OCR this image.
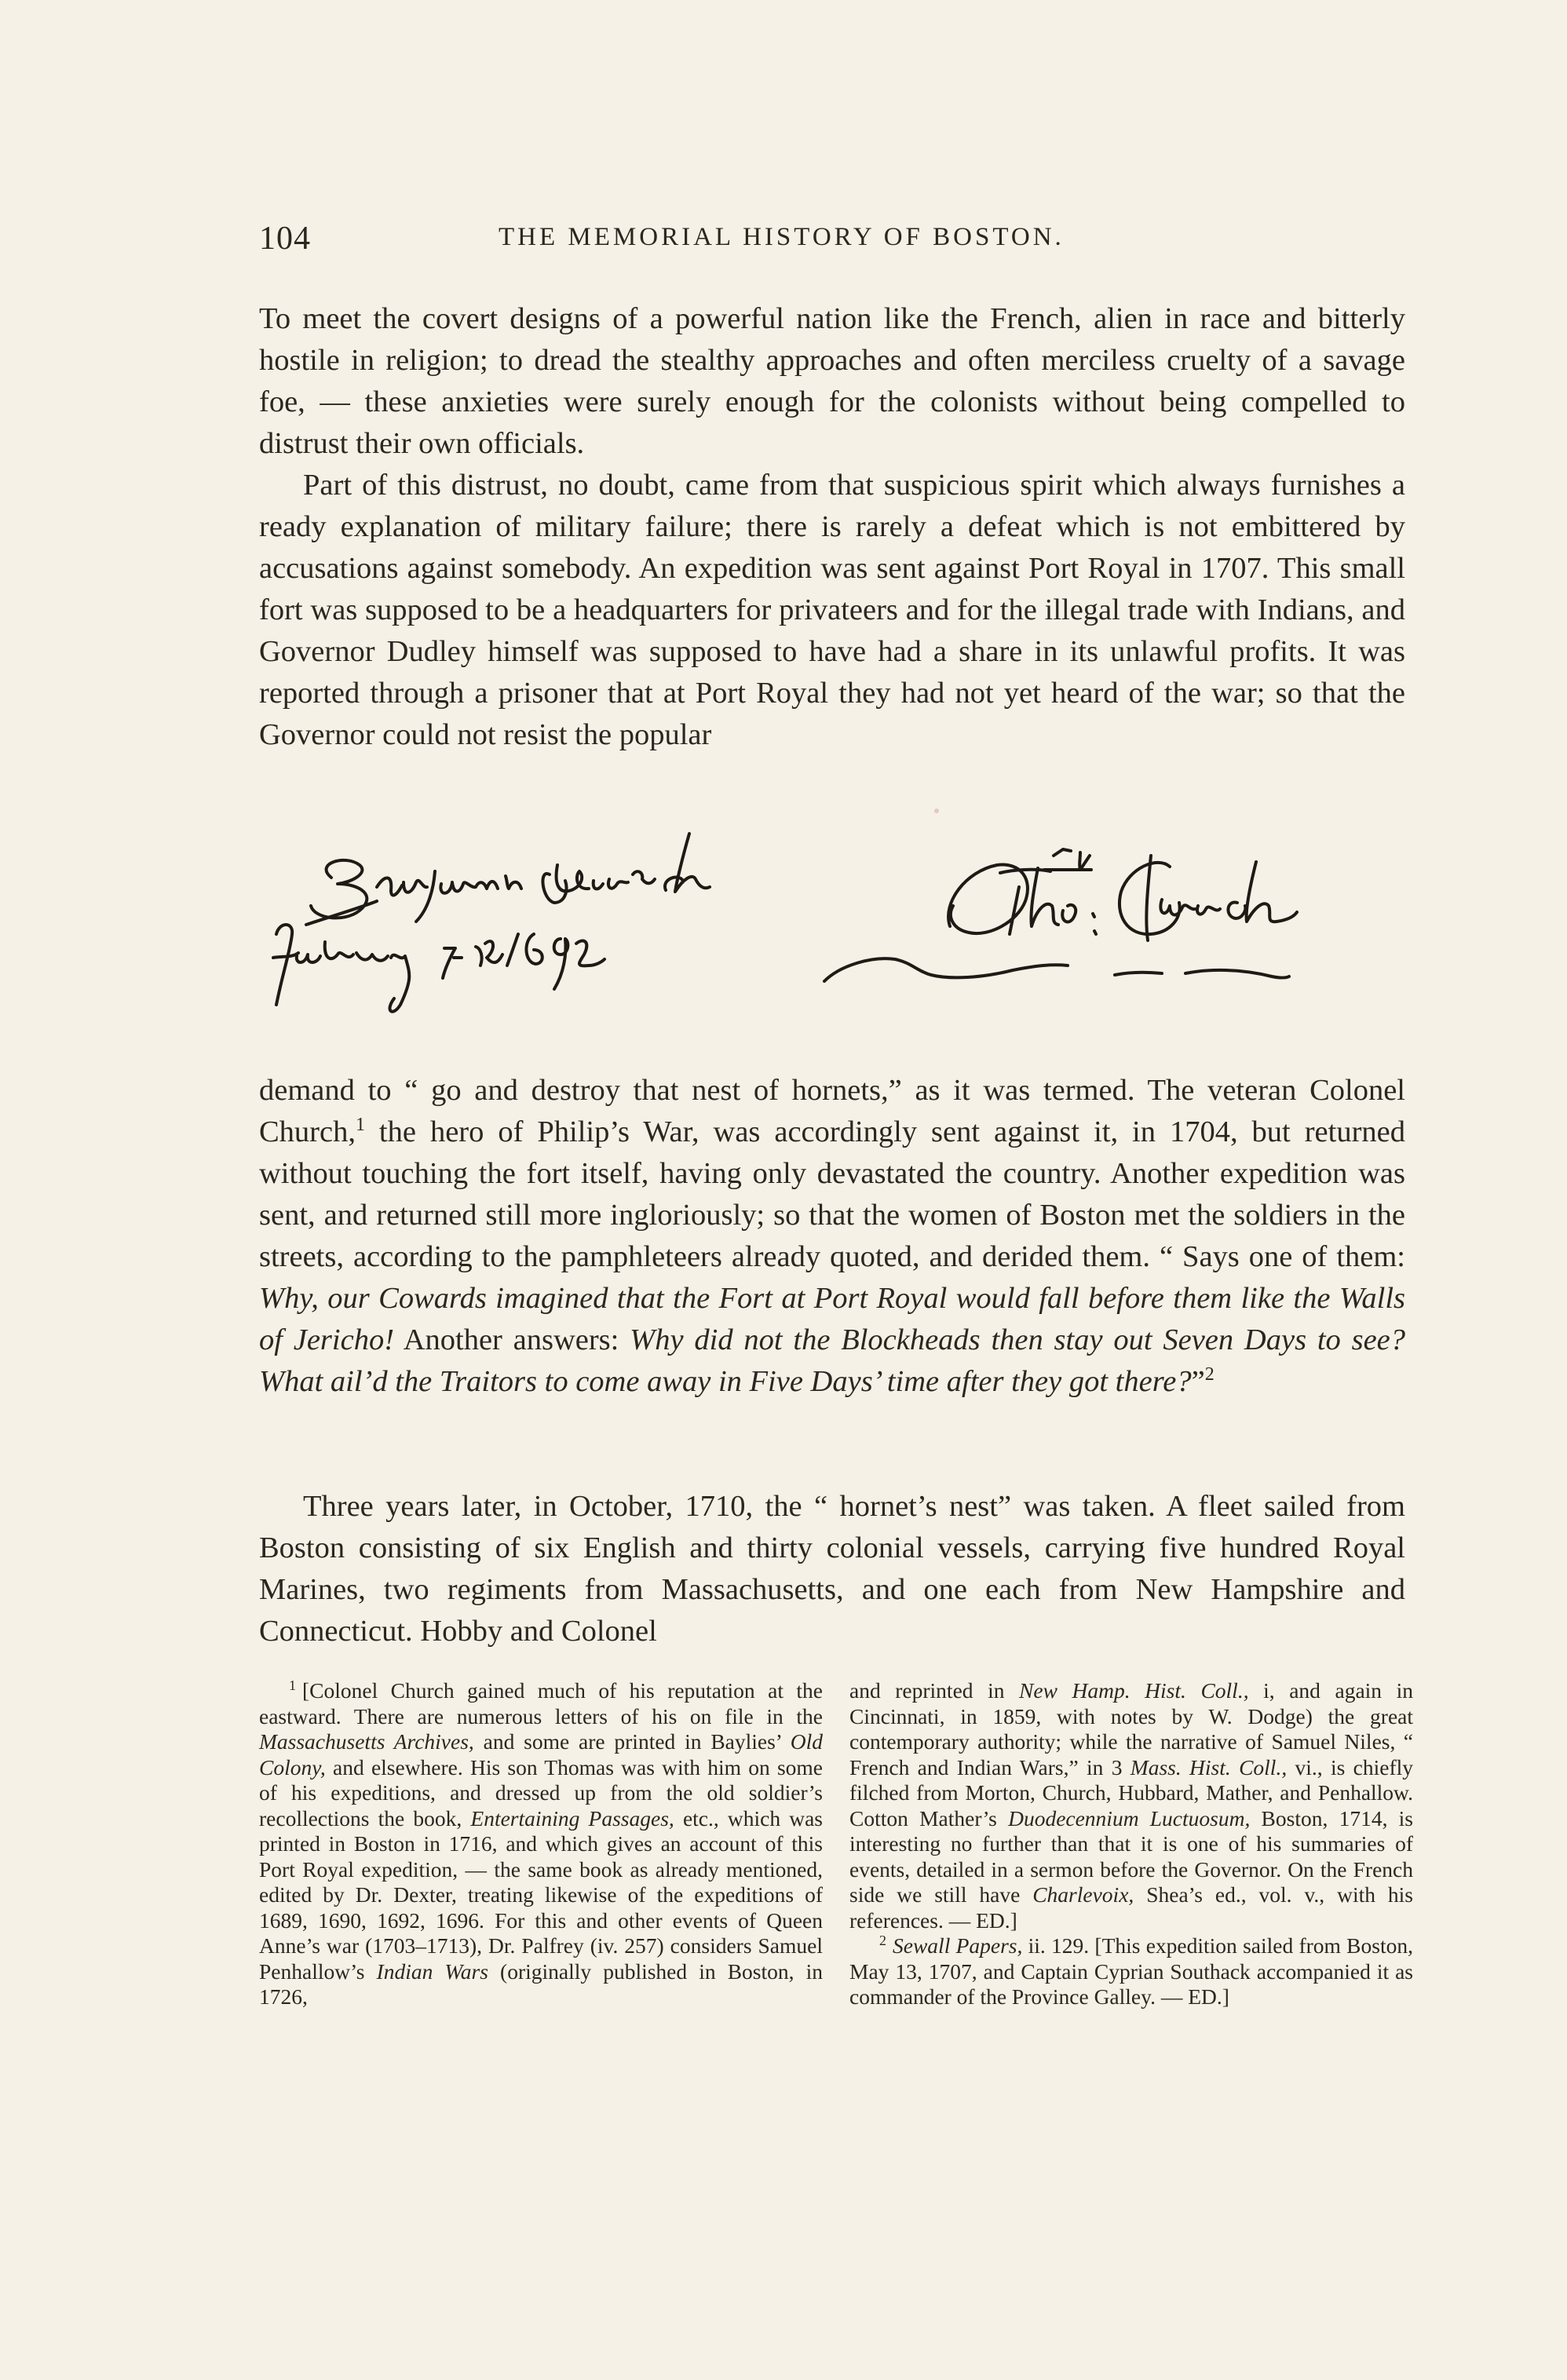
104	THE MEMORIAL HISTORY OF BOSTON.

To meet the covert designs of a powerful nation like the French, alien in race and bitterly hostile in religion; to dread the stealthy approaches and often merciless cruelty of a savage foe, — these anxieties were surely enough for the colonists without being compelled to distrust their own officials.

Part of this distrust, no doubt, came from that suspicious spirit which always furnishes a ready explanation of military failure; there is rarely a defeat which is not embittered by accusations against somebody. An expedition was sent against Port Royal in 1707. This small fort was supposed to be a headquarters for privateers and for the illegal trade with Indians, and Governor Dudley himself was supposed to have had a share in its unlawful profits. It was reported through a prisoner that at Port Royal they had not yet heard of the war; so that the Governor could not resist the popular

demand to “ go and destroy that nest of hornets,” as it was termed. The veteran Colonel Church,$^1$ the hero of Philip’s War, was accordingly sent against it, in 1704, but returned without touching the fort itself, having only devastated the country. Another expedition was sent, and returned still more ingloriously; so that the women of Boston met the soldiers in the streets, according to the pamphleteers already quoted, and derided them. “ Says one of them: Why, our Cowards imagined that the Fort at Port Royal would fall before them like the Walls of Jericho! Another answers: Why did not the Blockheads then stay out Seven Days to see? What ail’d the Traitors to come away in Five Days’ time after they got there?”$^2$

Three years later, in October, 1710, the “ hornet’s nest” was taken. A fleet sailed from Boston consisting of six English and thirty colonial vessels, carrying five hundred Royal Marines, two regiments from Massachusetts, and one each from New Hampshire and Connecticut. Hobby and Colonel

$^1$ [Colonel Church gained much of his reputation at the eastward. There are numerous letters of his on file in the Massachusetts Archives, and some are printed in Baylies’ Old Colony, and elsewhere. His son Thomas was with him on some of his expeditions, and dressed up from the old soldier’s recollections the book, Entertaining Passages, etc., which was printed in Boston in 1716, and which gives an account of this Port Royal expedition, — the same book as already mentioned, edited by Dr. Dexter, treating likewise of the expeditions of 1689, 1690, 1692, 1696. For this and other events of Queen Anne’s war (1703–1713), Dr. Palfrey (iv. 257) considers Samuel Penhallow’s Indian Wars (originally published in Boston, in 1726,

and reprinted in New Hamp. Hist. Coll., i, and again in Cincinnati, in 1859, with notes by W. Dodge) the great contemporary authority; while the narrative of Samuel Niles, “ French and Indian Wars,” in 3 Mass. Hist. Coll., vi., is chiefly filched from Morton, Church, Hubbard, Mather, and Penhallow. Cotton Mather’s Duodecennium Luctuosum, Boston, 1714, is interesting no further than that it is one of his summaries of events, detailed in a sermon before the Governor. On the French side we still have Charlevoix, Shea’s ed., vol. v., with his references. — ED.]

$^2$ Sewall Papers, ii. 129. [This expedition sailed from Boston, May 13, 1707, and Captain Cyprian Southack accompanied it as commander of the Province Galley. — ED.]
